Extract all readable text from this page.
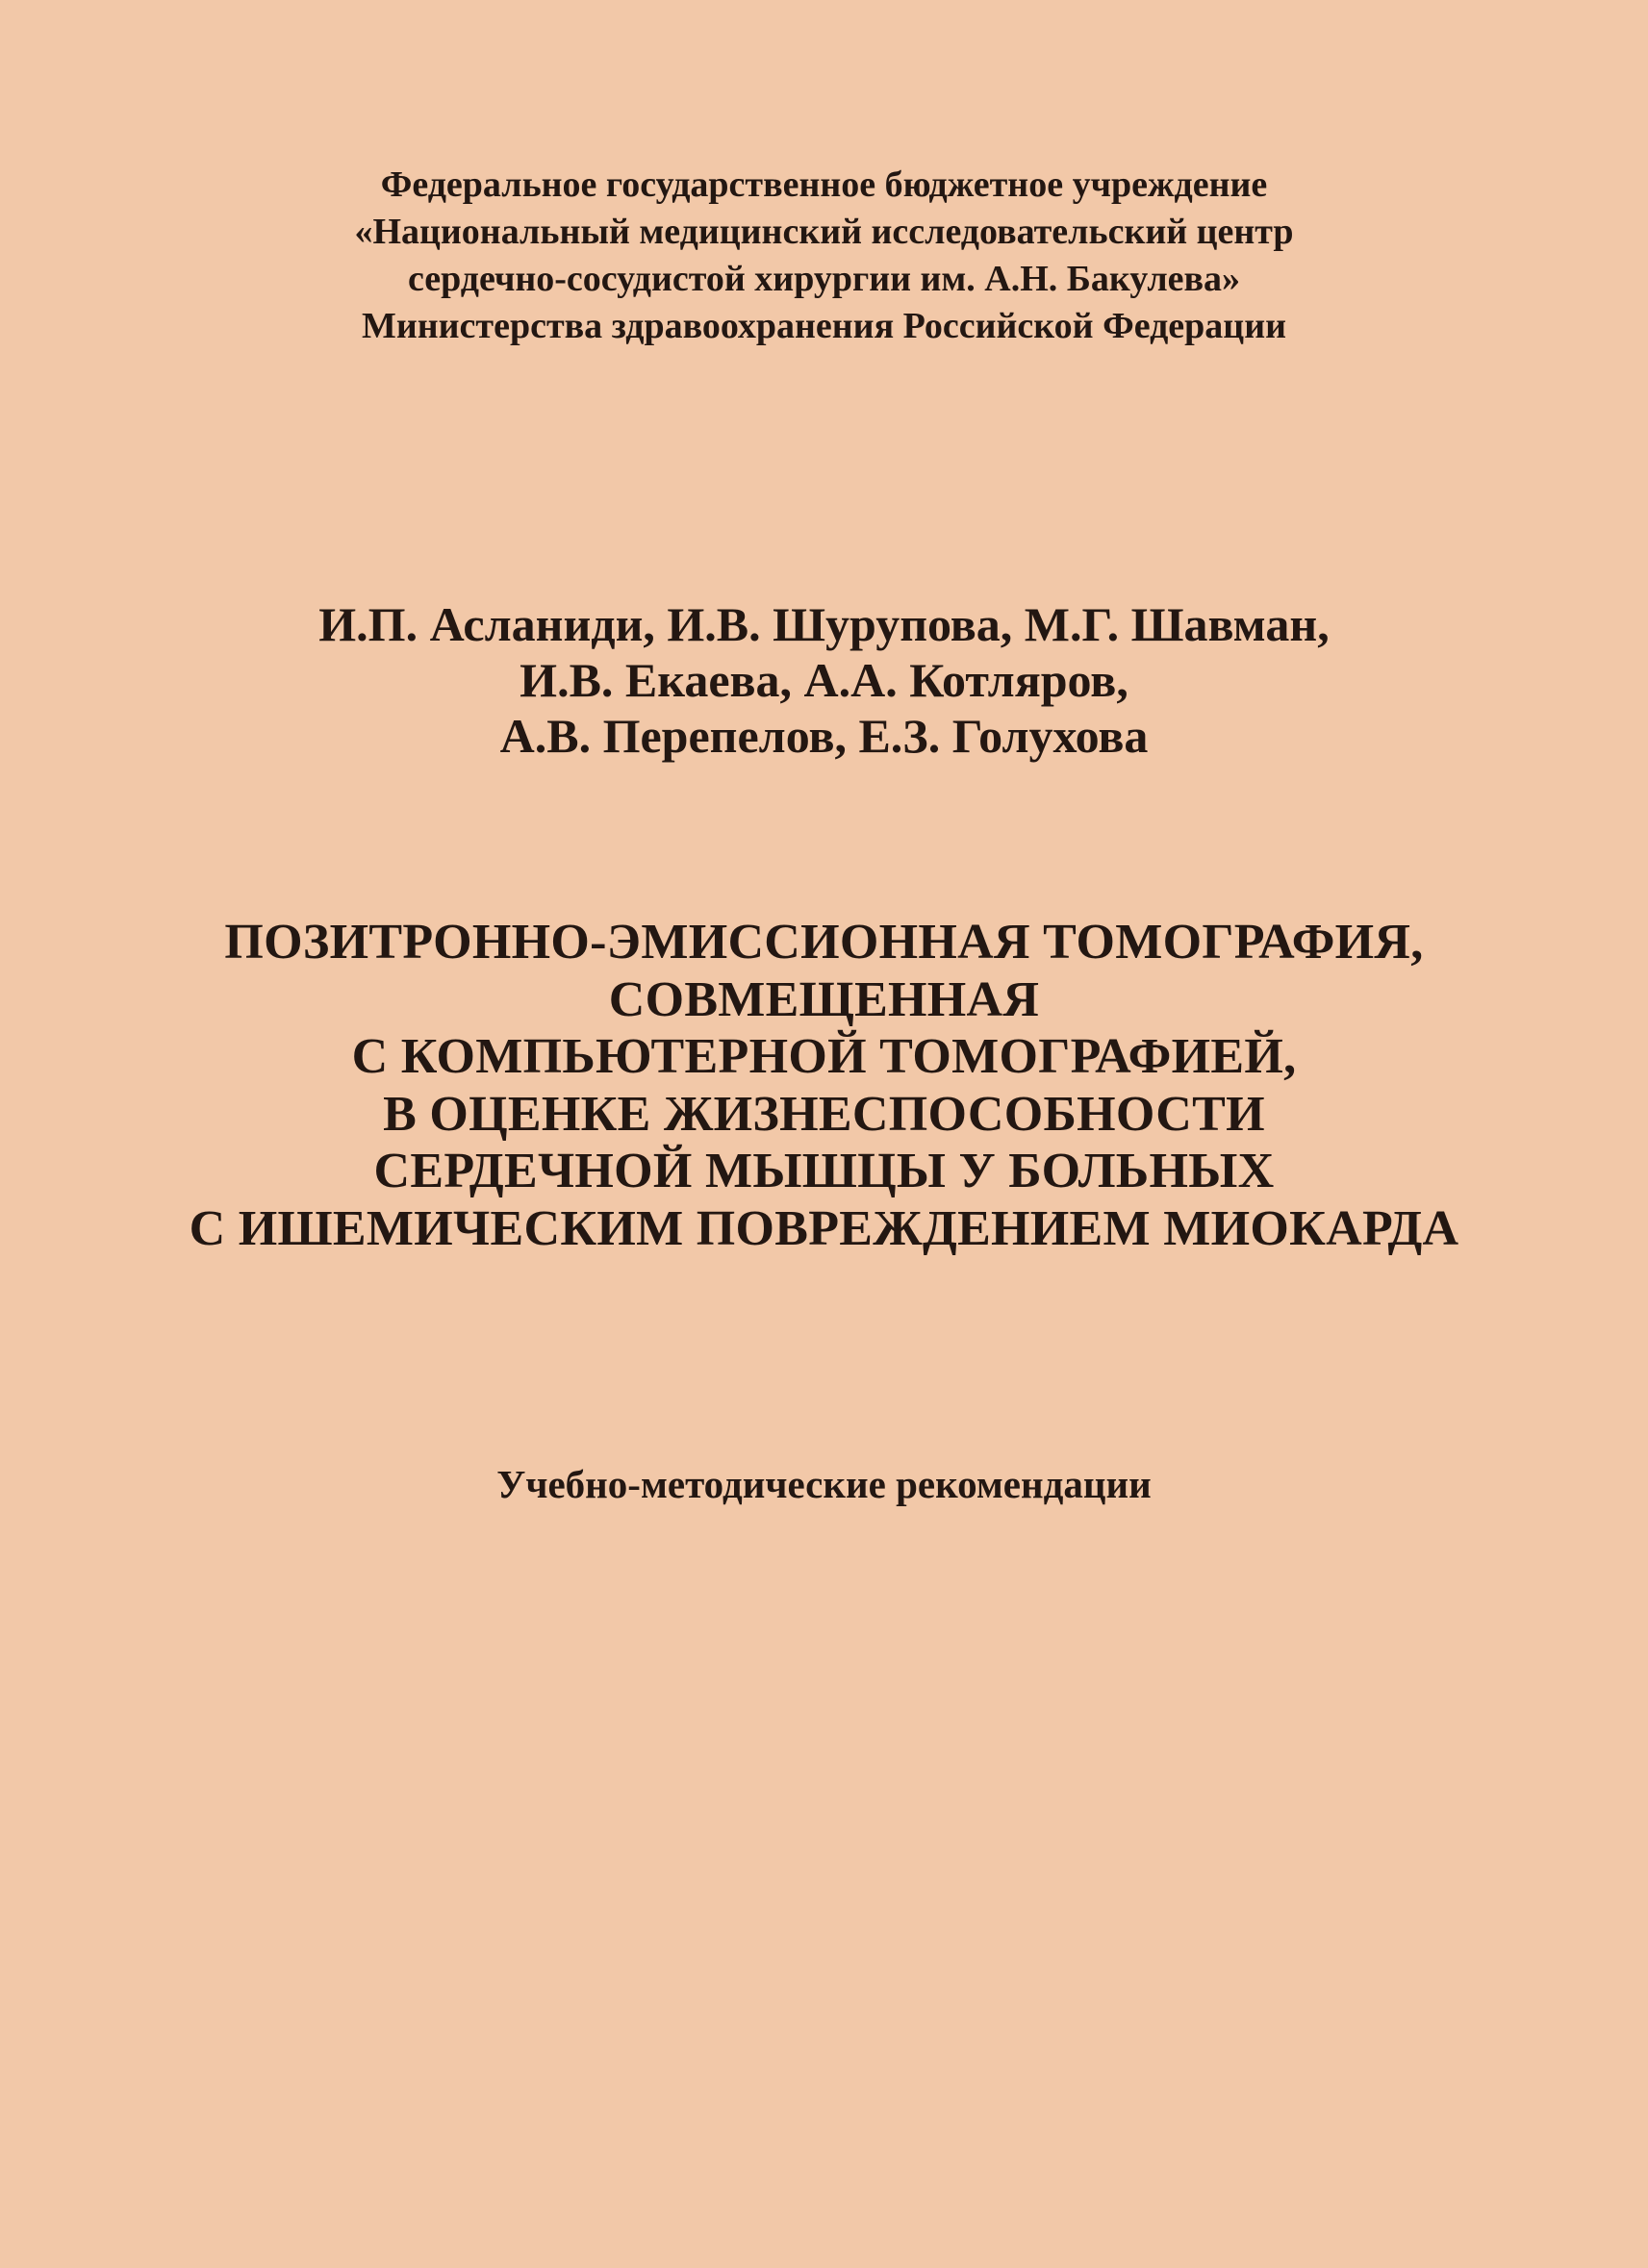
Федеральное государственное бюджетное учреждение
«Национальный медицинский исследовательский центр
сердечно-сосудистой хирургии им. А.Н. Бакулева»
Министерства здравоохранения Российской Федерации
И.П. Асланиди, И.В. Шурупова, М.Г. Шавман,
И.В. Екаева, А.А. Котляров,
А.В. Перепелов, Е.З. Голухова
ПОЗИТРОННО-ЭМИССИОННАЯ ТОМОГРАФИЯ,
СОВМЕЩЕННАЯ
С КОМПЬЮТЕРНОЙ ТОМОГРАФИЕЙ,
В ОЦЕНКЕ ЖИЗНЕСПОСОБНОСТИ
СЕРДЕЧНОЙ МЫШЦЫ У БОЛЬНЫХ
С ИШЕМИЧЕСКИМ ПОВРЕЖДЕНИЕМ МИОКАРДА
Учебно-методические рекомендации
